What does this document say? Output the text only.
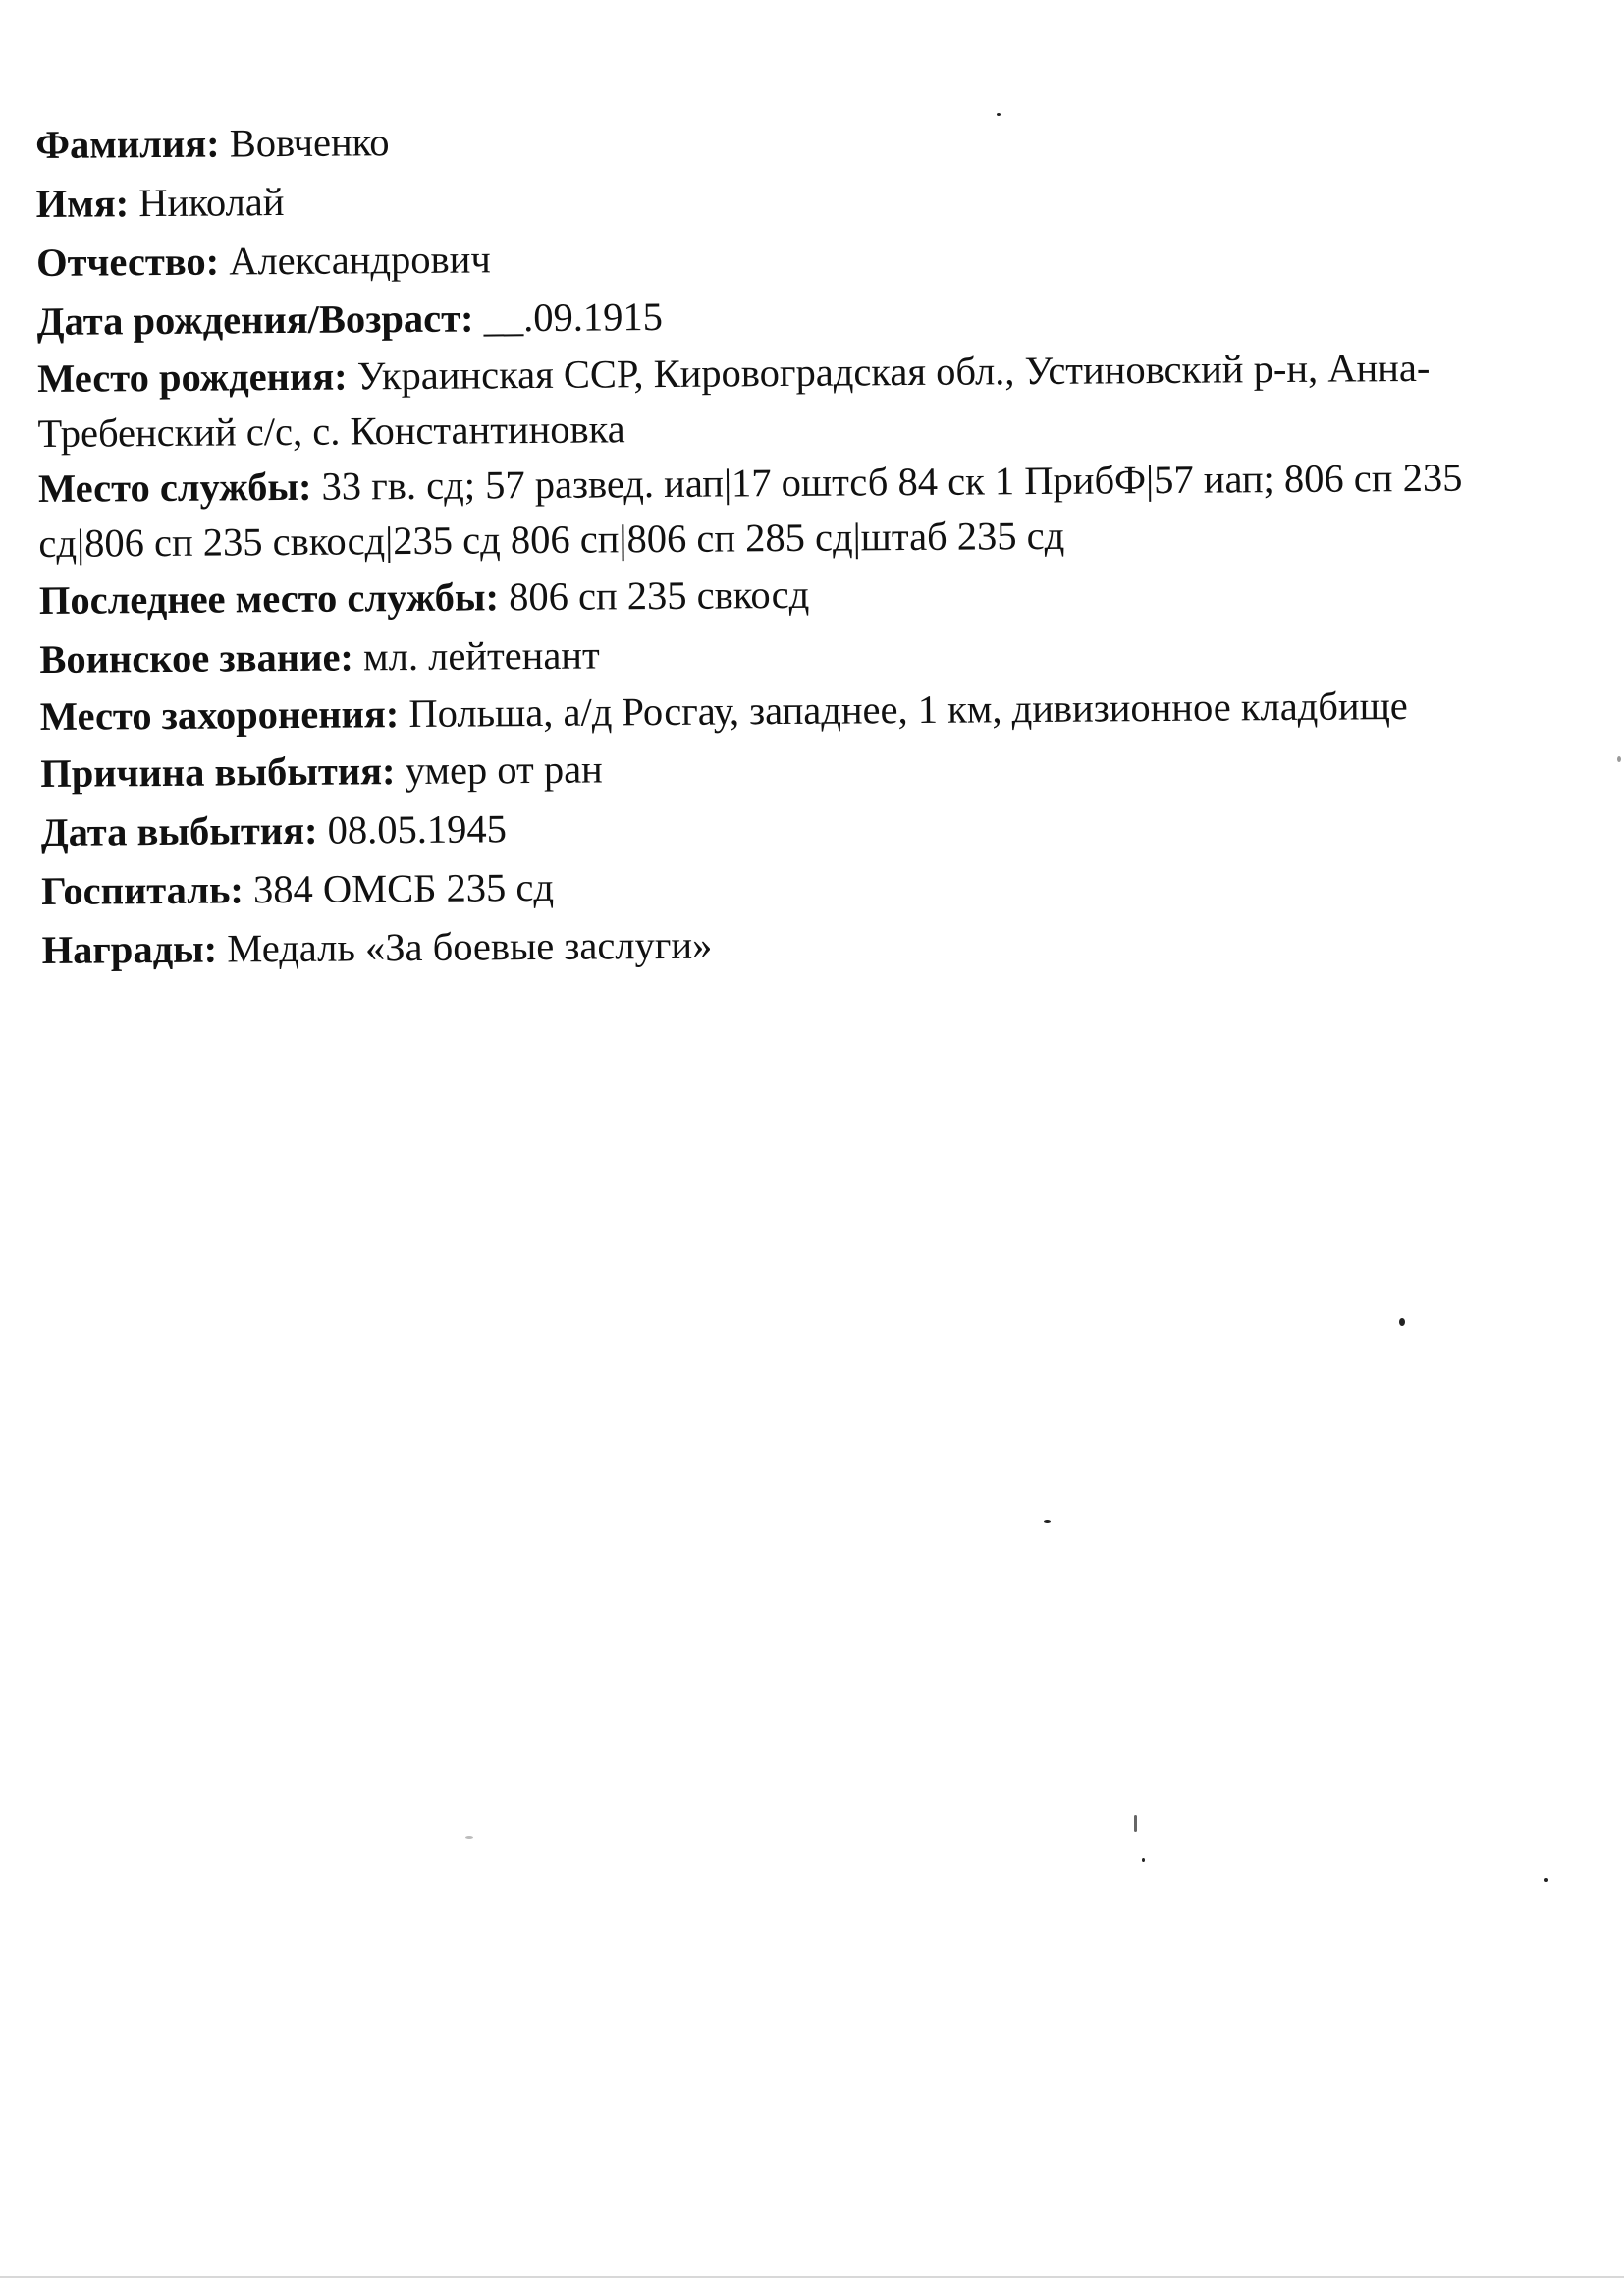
Фамилия: Вовченко

Имя: Николай

Отчество: Александрович

Дата рождения/Возраст: __.09.1915

Место рождения: Украинская ССР, Кировоградская обл., Устиновский р-н, Анна-Требенский с/с, с. Константиновка

Место службы: 33 гв. сд; 57 развед. иап|17 оштсб 84 ск 1 ПрибФ|57 иап; 806 сп 235 сд|806 сп 235 свкосд|235 сд 806 сп|806 сп 285 сд|штаб 235 сд

Последнее место службы: 806 сп 235 свкосд

Воинское звание: мл. лейтенант

Место захоронения: Польша, а/д Росгау, западнее, 1 км, дивизионное кладбище

Причина выбытия: умер от ран

Дата выбытия: 08.05.1945

Госпиталь: 384 ОМСБ 235 сд

Награды: Медаль «За боевые заслуги»
